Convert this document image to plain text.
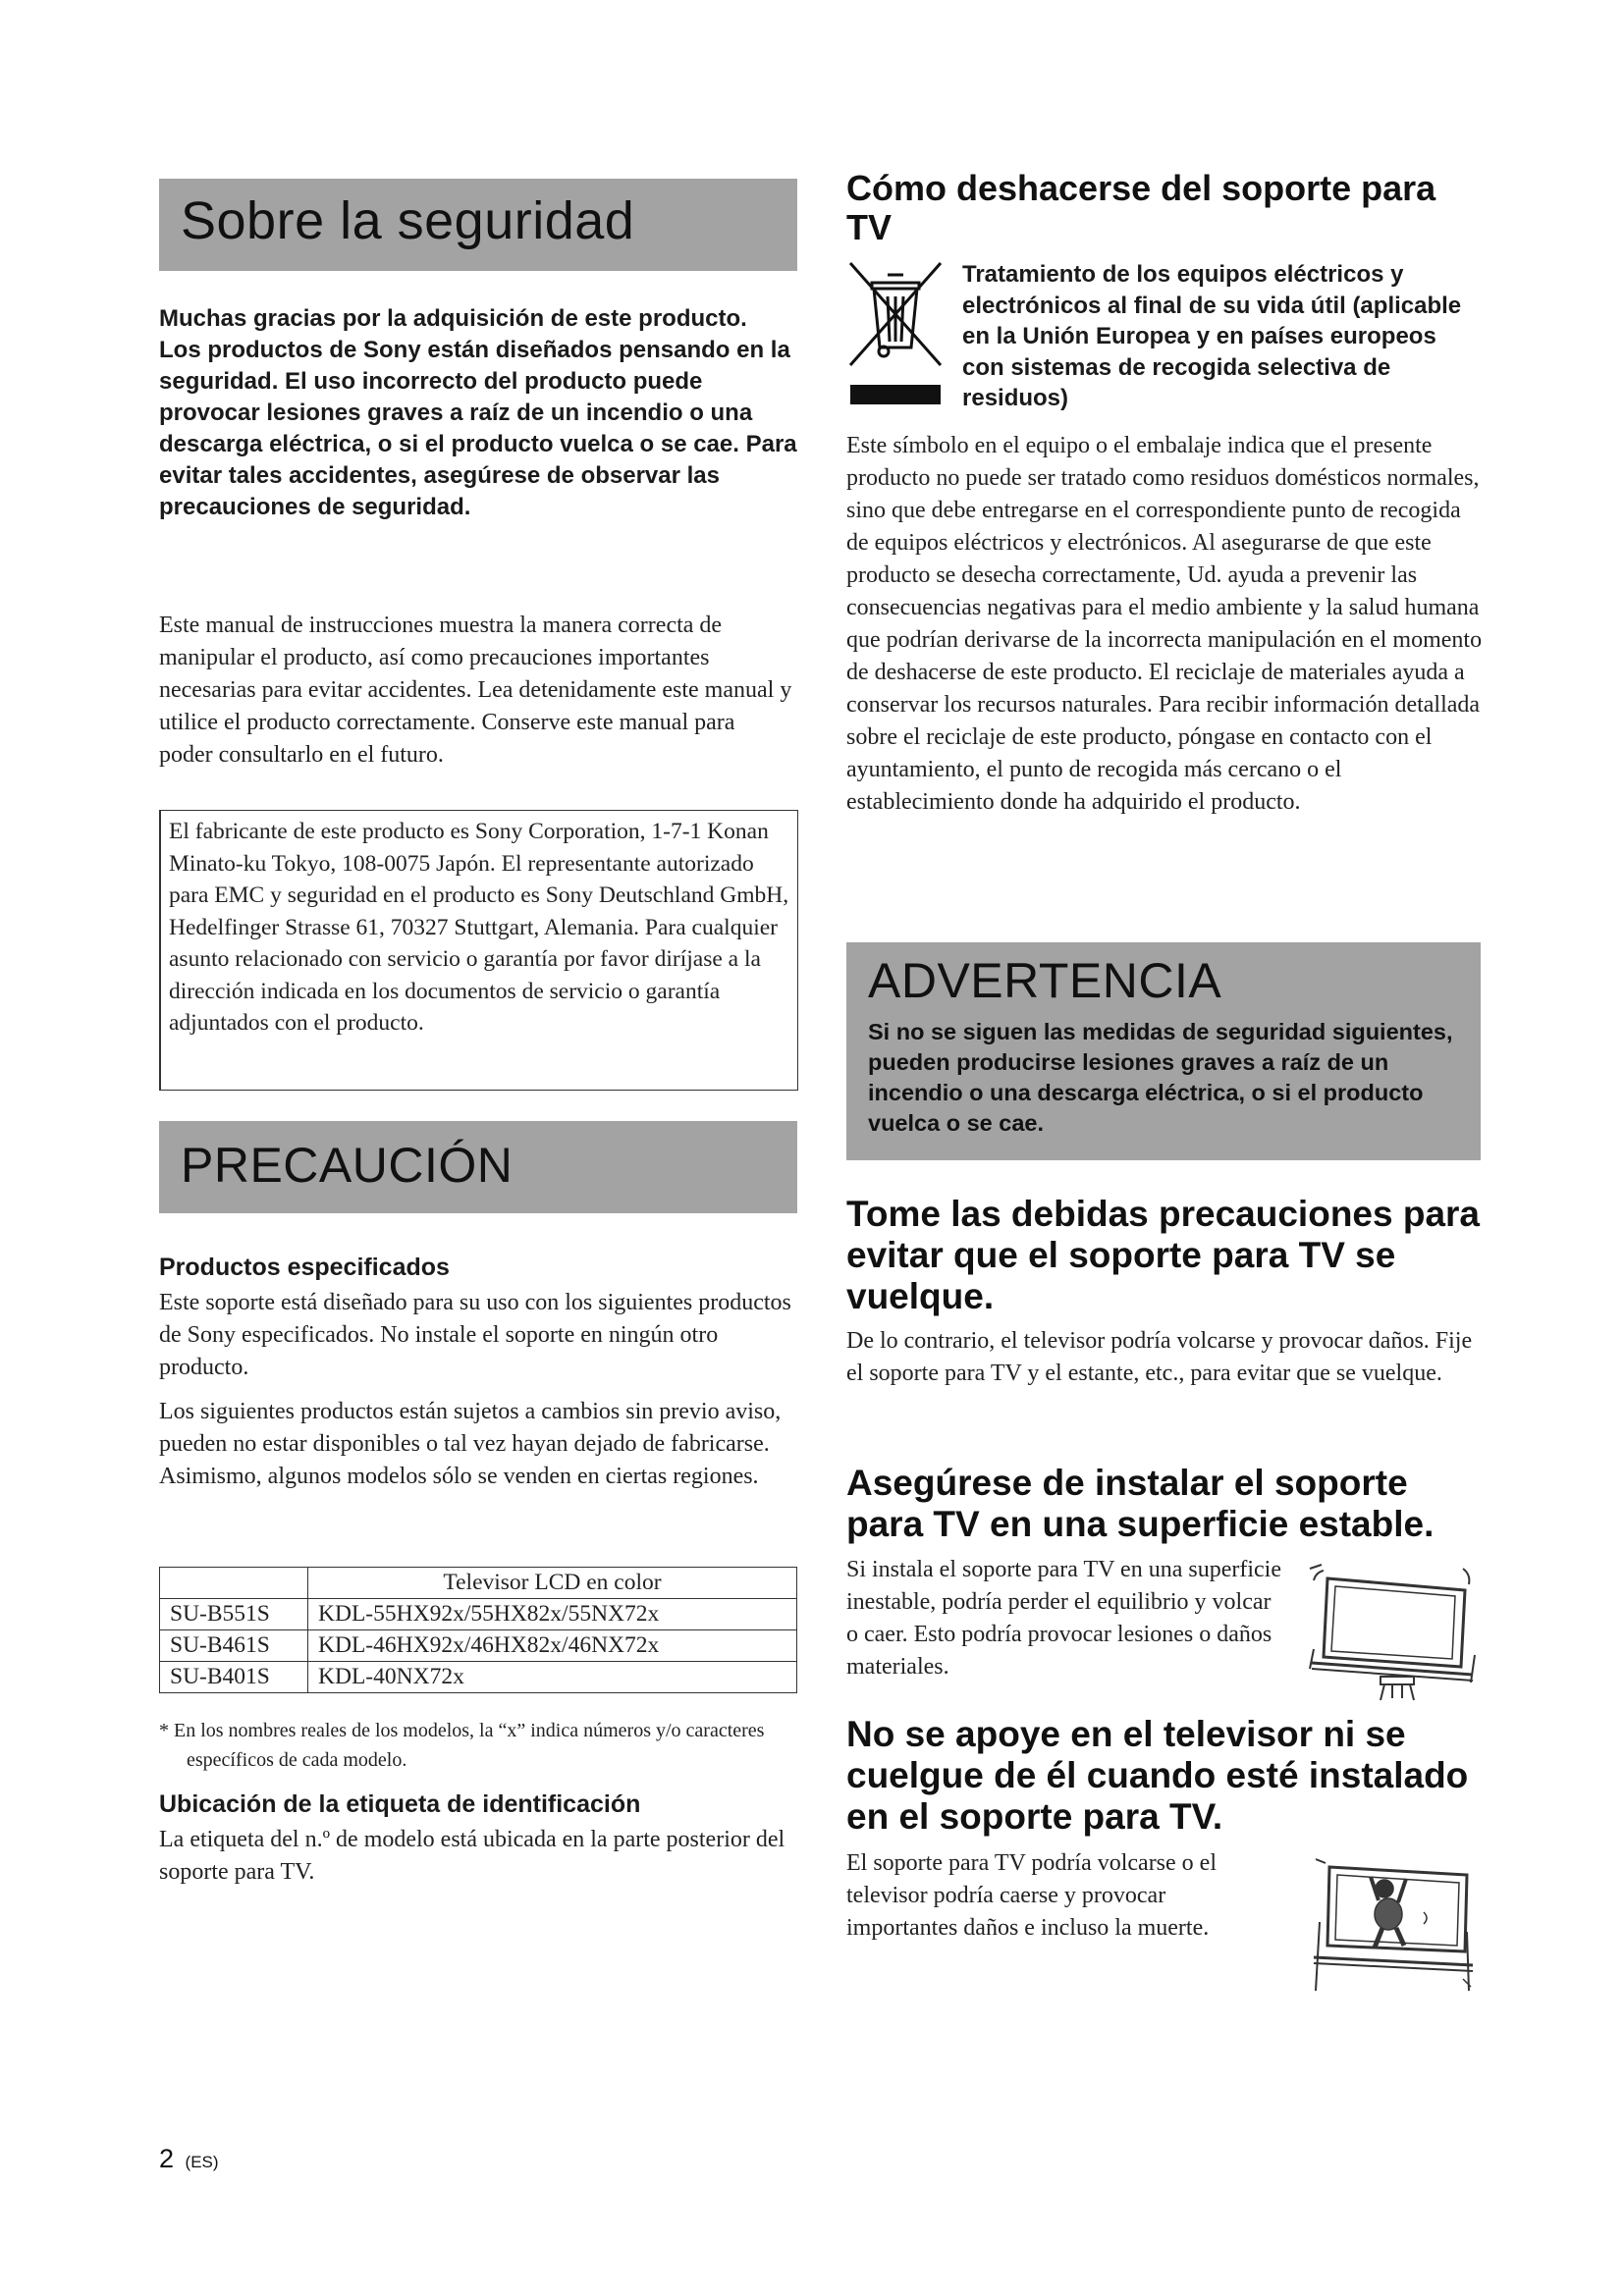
Sobre la seguridad

Muchas gracias por la adquisición de este producto.

Los productos de Sony están diseñados pensando en la seguridad. El uso incorrecto del producto puede provocar lesiones graves a raíz de un incendio o una descarga eléctrica, o si el producto vuelca o se cae. Para evitar tales accidentes, asegúrese de observar las precauciones de seguridad.

Este manual de instrucciones muestra la manera correcta de manipular el producto, así como precauciones importantes necesarias para evitar accidentes. Lea detenidamente este manual y utilice el producto correctamente. Conserve este manual para poder consultarlo en el futuro.

El fabricante de este producto es Sony Corporation, 1-7-1 Konan Minato-ku Tokyo, 108-0075 Japón. El representante autorizado para EMC y seguridad en el producto es Sony Deutschland GmbH, Hedelfinger Strasse 61, 70327 Stuttgart, Alemania. Para cualquier asunto relacionado con servicio o garantía por favor diríjase a la dirección indicada en los documentos de servicio o garantía adjuntados con el producto.

PRECAUCIÓN

Productos especificados

Este soporte está diseñado para su uso con los siguientes productos de Sony especificados. No instale el soporte en ningún otro producto.

Los siguientes productos están sujetos a cambios sin previo aviso, pueden no estar disponibles o tal vez hayan dejado de fabricarse.

Asimismo, algunos modelos sólo se venden en ciertas regiones.

	Televisor LCD en color
SU-B551S	KDL-55HX92x/55HX82x/55NX72x
SU-B461S	KDL-46HX92x/46HX82x/46NX72x
SU-B401S	KDL-40NX72x

* En los nombres reales de los modelos, la “x” indica números y/o caracteres específicos de cada modelo.

Ubicación de la etiqueta de identificación

La etiqueta del n.º de modelo está ubicada en la parte posterior del soporte para TV.

Cómo deshacerse del soporte para TV

Tratamiento de los equipos eléctricos y electrónicos al final de su vida útil (aplicable en la Unión Europea y en países europeos con sistemas de recogida selectiva de residuos)

Este símbolo en el equipo o el embalaje indica que el presente producto no puede ser tratado como residuos domésticos normales, sino que debe entregarse en el correspondiente punto de recogida de equipos eléctricos y electrónicos. Al asegurarse de que este producto se desecha correctamente, Ud. ayuda a prevenir las consecuencias negativas para el medio ambiente y la salud humana que podrían derivarse de la incorrecta manipulación en el momento de deshacerse de este producto. El reciclaje de materiales ayuda a conservar los recursos naturales. Para recibir información detallada sobre el reciclaje de este producto, póngase en contacto con el ayuntamiento, el punto de recogida más cercano o el establecimiento donde ha adquirido el producto.

ADVERTENCIA

Si no se siguen las medidas de seguridad siguientes, pueden producirse lesiones graves a raíz de un incendio o una descarga eléctrica, o si el producto vuelca o se cae.

Tome las debidas precauciones para evitar que el soporte para TV se vuelque.

De lo contrario, el televisor podría volcarse y provocar daños. Fije el soporte para TV y el estante, etc., para evitar que se vuelque.

Asegúrese de instalar el soporte para TV en una superficie estable.

Si instala el soporte para TV en una superficie inestable, podría perder el equilibrio y volcar o caer. Esto podría provocar lesiones o daños materiales.

No se apoye en el televisor ni se cuelgue de él cuando esté instalado en el soporte para TV.

El soporte para TV podría volcarse o el televisor podría caerse y provocar importantes daños e incluso la muerte.

2 (ES)
